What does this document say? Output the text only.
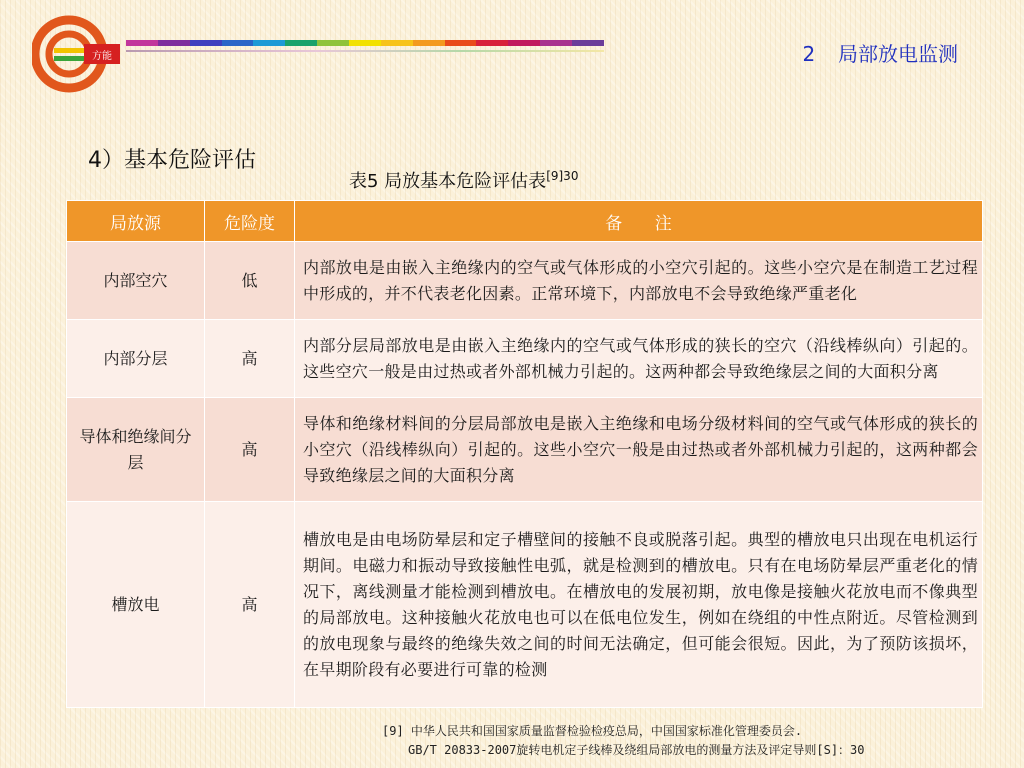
方能	2 局部放电监测
4）基本危险评估
表5 局放基本危险评估表$^{[9]30}$
局放源	危险度	备      注
内部空穴	低	内部放电是由嵌入主绝缘内的空气或气体形成的小空穴引起的。这些小空穴是在制造工艺过程中形成的，并不代表老化因素。正常环境下，内部放电不会导致绝缘严重老化
内部分层	高	内部分层局部放电是由嵌入主绝缘内的空气或气体形成的狭长的空穴（沿线棒纵向）引起的。这些空穴一般是由过热或者外部机械力引起的。这两种都会导致绝缘层之间的大面积分离
导体和绝缘间分层	高	导体和绝缘材料间的分层局部放电是嵌入主绝缘和电场分级材料间的空气或气体形成的狭长的小空穴（沿线棒纵向）引起的。这些小空穴一般是由过热或者外部机械力引起的，这两种都会导致绝缘层之间的大面积分离
槽放电	高	槽放电是由电场防晕层和定子槽壁间的接触不良或脱落引起。典型的槽放电只出现在电机运行期间。电磁力和振动导致接触性电弧，就是检测到的槽放电。只有在电场防晕层严重老化的情况下，离线测量才能检测到槽放电。在槽放电的发展初期，放电像是接触火花放电而不像典型的局部放电。这种接触火花放电也可以在低电位发生，例如在绕组的中性点附近。尽管检测到的放电现象与最终的绝缘失效之间的时间无法确定，但可能会很短。因此，为了预防该损坏，在早期阶段有必要进行可靠的检测
[9] 中华人民共和国国家质量监督检验检疫总局，中国国家标准化管理委员会.
GB/T 20833-2007旋转电机定子线棒及绕组局部放电的测量方法及评定导则[S]：30
